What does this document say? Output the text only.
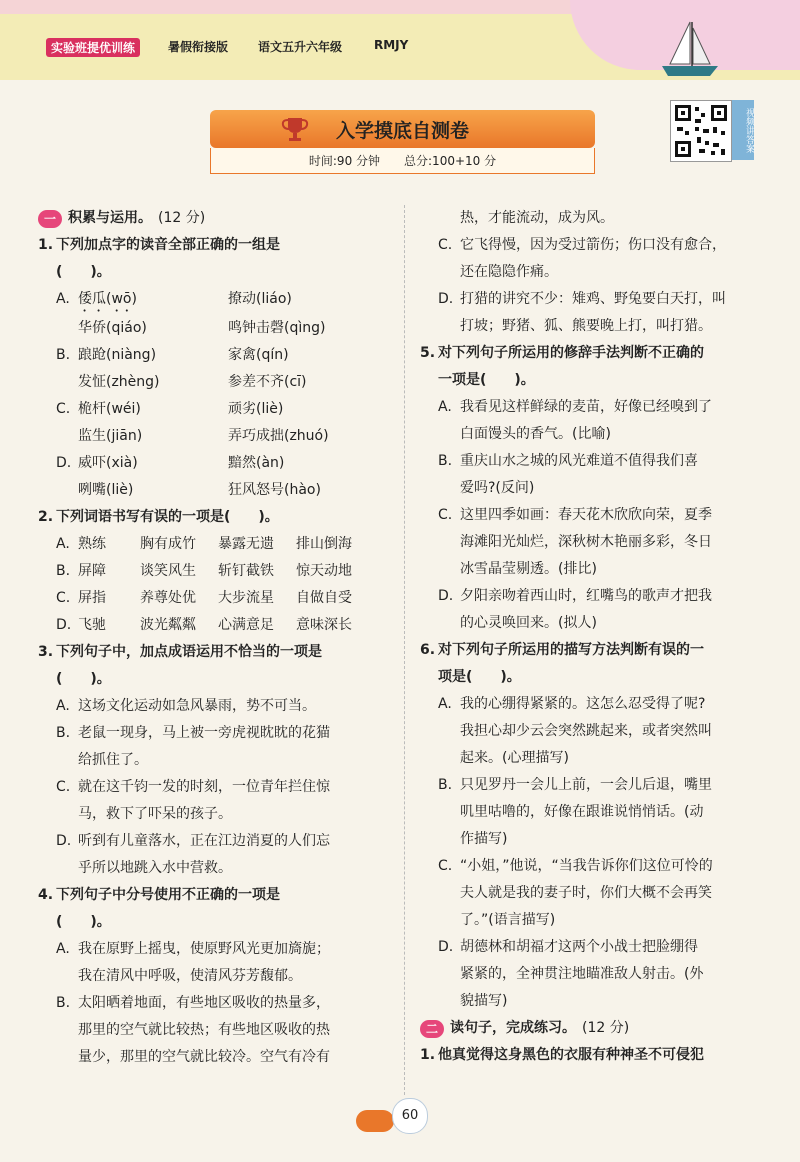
实验班提优训练	暑假衔接版 语文五升六年级	RMJY
入学摸底自测卷
时间:90 分钟　　总分:100+10 分
视频讲答案
一 积累与运用。 (12 分)
1. 下列加点字的读音全部正确的一组是
(　　)。
A. 倭瓜(wō)	撩动(liáo)
华侨(qiáo)	鸣钟击磬(qìng)
B. 踉跄(niàng)	家禽(qín)
发怔(zhèng)	参差不齐(cī)
C. 桅杆(wéi)	顽劣(liè)
监生(jiān)	弄巧成拙(zhuó)
D. 威吓(xià)	黯然(àn)
咧嘴(liè)	狂风怒号(hào)
2. 下列词语书写有误的一项是(　　)。
A. 熟练	胸有成竹	暴露无遗	排山倒海
B. 屏障	谈笑风生	斩钉截铁	惊天动地
C. 屏指	养尊处优	大步流星	自做自受
D. 飞驰	波光粼粼	心满意足	意味深长
3. 下列句子中，加点成语运用不恰当的一项是
(　　)。
A. 这场文化运动如急风暴雨，势不可当。
B. 老鼠一现身，马上被一旁虎视眈眈的花猫
给抓住了。
C. 就在这千钧一发的时刻，一位青年拦住惊
马，救下了吓呆的孩子。
D. 听到有儿童落水，正在江边消夏的人们忘
乎所以地跳入水中营救。
4. 下列句子中分号使用不正确的一项是
(　　)。
A. 我在原野上摇曳，使原野风光更加旖旎；
我在清风中呼吸，使清风芬芳馥郁。
B. 太阳晒着地面，有些地区吸收的热量多，
那里的空气就比较热；有些地区吸收的热
量少，那里的空气就比较冷。空气有冷有
热，才能流动，成为风。
C. 它飞得慢，因为受过箭伤；伤口没有愈合，
还在隐隐作痛。
D. 打猎的讲究不少：雉鸡、野兔要白天打，叫
打坡；野猪、狐、熊要晚上打，叫打猎。
5. 对下列句子所运用的修辞手法判断不正确的
一项是(　　)。
A. 我看见这样鲜绿的麦苗，好像已经嗅到了
白面馒头的香气。(比喻)
B. 重庆山水之城的风光难道不值得我们喜
爱吗?(反问)
C. 这里四季如画：春天花木欣欣向荣，夏季
海滩阳光灿烂，深秋树木艳丽多彩，冬日
冰雪晶莹剔透。(排比)
D. 夕阳亲吻着西山时，红嘴鸟的歌声才把我
的心灵唤回来。(拟人)
6. 对下列句子所运用的描写方法判断有误的一
项是(　　)。
A. 我的心绷得紧紧的。这怎么忍受得了呢?
我担心却少云会突然跳起来，或者突然叫
起来。(心理描写)
B. 只见罗丹一会儿上前，一会儿后退，嘴里
叽里咕噜的，好像在跟谁说悄悄话。(动
作描写)
C. “小姐，”他说，“当我告诉你们这位可怜的
夫人就是我的妻子时，你们大概不会再笑
了。”(语言描写)
D. 胡德林和胡福才这两个小战士把脸绷得
紧紧的，全神贯注地瞄准敌人射击。(外
貌描写)
二 读句子，完成练习。 (12 分)
1. 他真觉得这身黑色的衣服有种神圣不可侵犯
60
